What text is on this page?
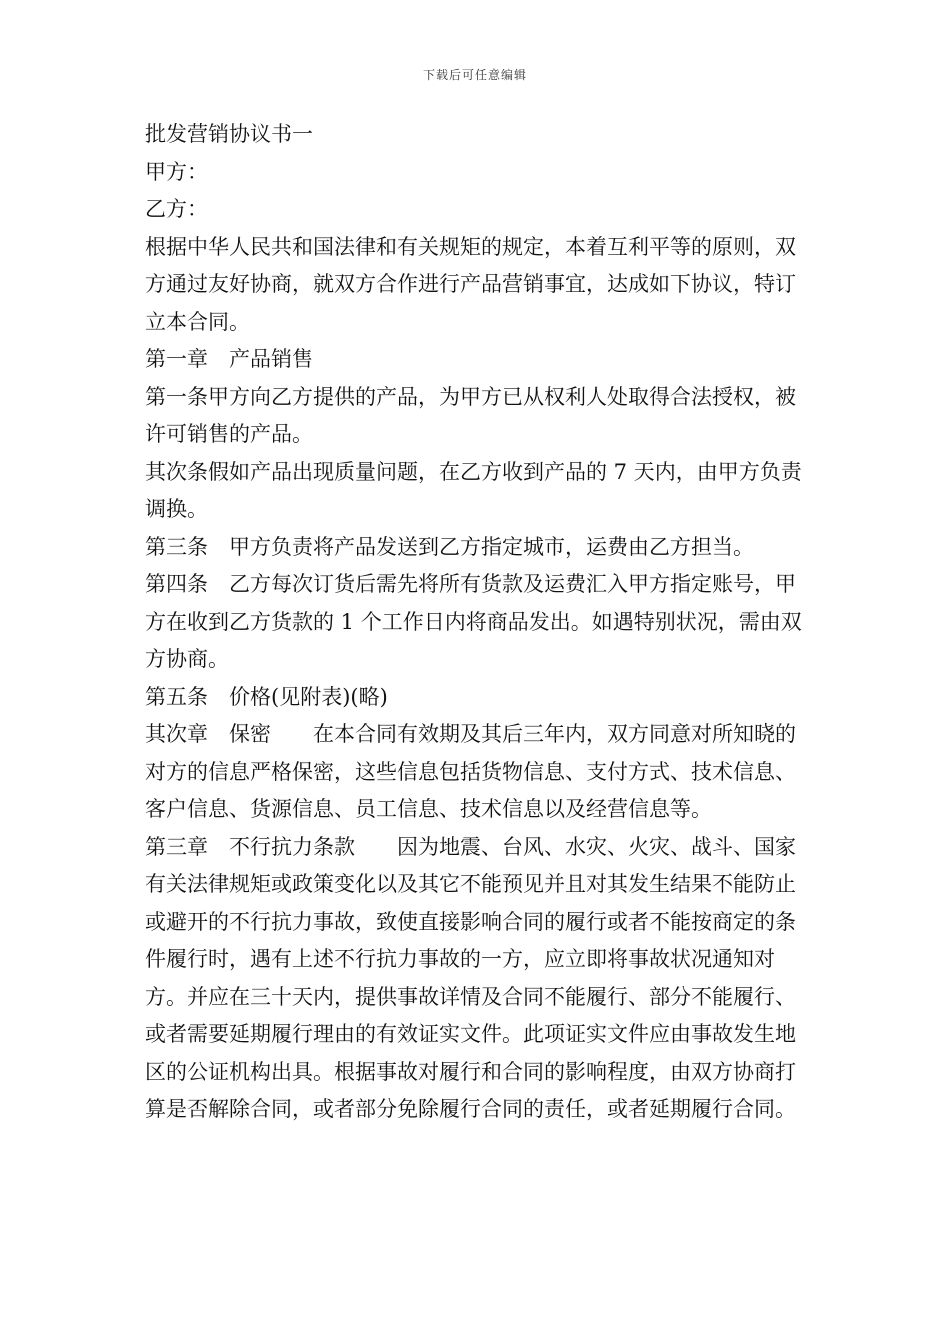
下载后可任意编辑

批发营销协议书一

甲方：

乙方：

根据中华人民共和国法律和有关规矩的规定，本着互利平等的原则，双方通过友好协商，就双方合作进行产品营销事宜，达成如下协议，特订立本合同。

第一章　产品销售

第一条甲方向乙方提供的产品，为甲方已从权利人处取得合法授权，被许可销售的产品。

其次条假如产品出现质量问题，在乙方收到产品的 7 天内，由甲方负责调换。

第三条　甲方负责将产品发送到乙方指定城市，运费由乙方担当。

第四条　乙方每次订货后需先将所有货款及运费汇入甲方指定账号，甲方在收到乙方货款的 1 个工作日内将商品发出。如遇特别状况，需由双方协商。

第五条　价格(见附表)(略)

其次章　保密　　在本合同有效期及其后三年内，双方同意对所知晓的对方的信息严格保密，这些信息包括货物信息、支付方式、技术信息、客户信息、货源信息、员工信息、技术信息以及经营信息等。

第三章　不行抗力条款　　因为地震、台风、水灾、火灾、战斗、国家有关法律规矩或政策变化以及其它不能预见并且对其发生结果不能防止或避开的不行抗力事故，致使直接影响合同的履行或者不能按商定的条件履行时，遇有上述不行抗力事故的一方，应立即将事故状况通知对方。并应在三十天内，提供事故详情及合同不能履行、部分不能履行、或者需要延期履行理由的有效证实文件。此项证实文件应由事故发生地区的公证机构出具。根据事故对履行和合同的影响程度，由双方协商打算是否解除合同，或者部分免除履行合同的责任，或者延期履行合同。
